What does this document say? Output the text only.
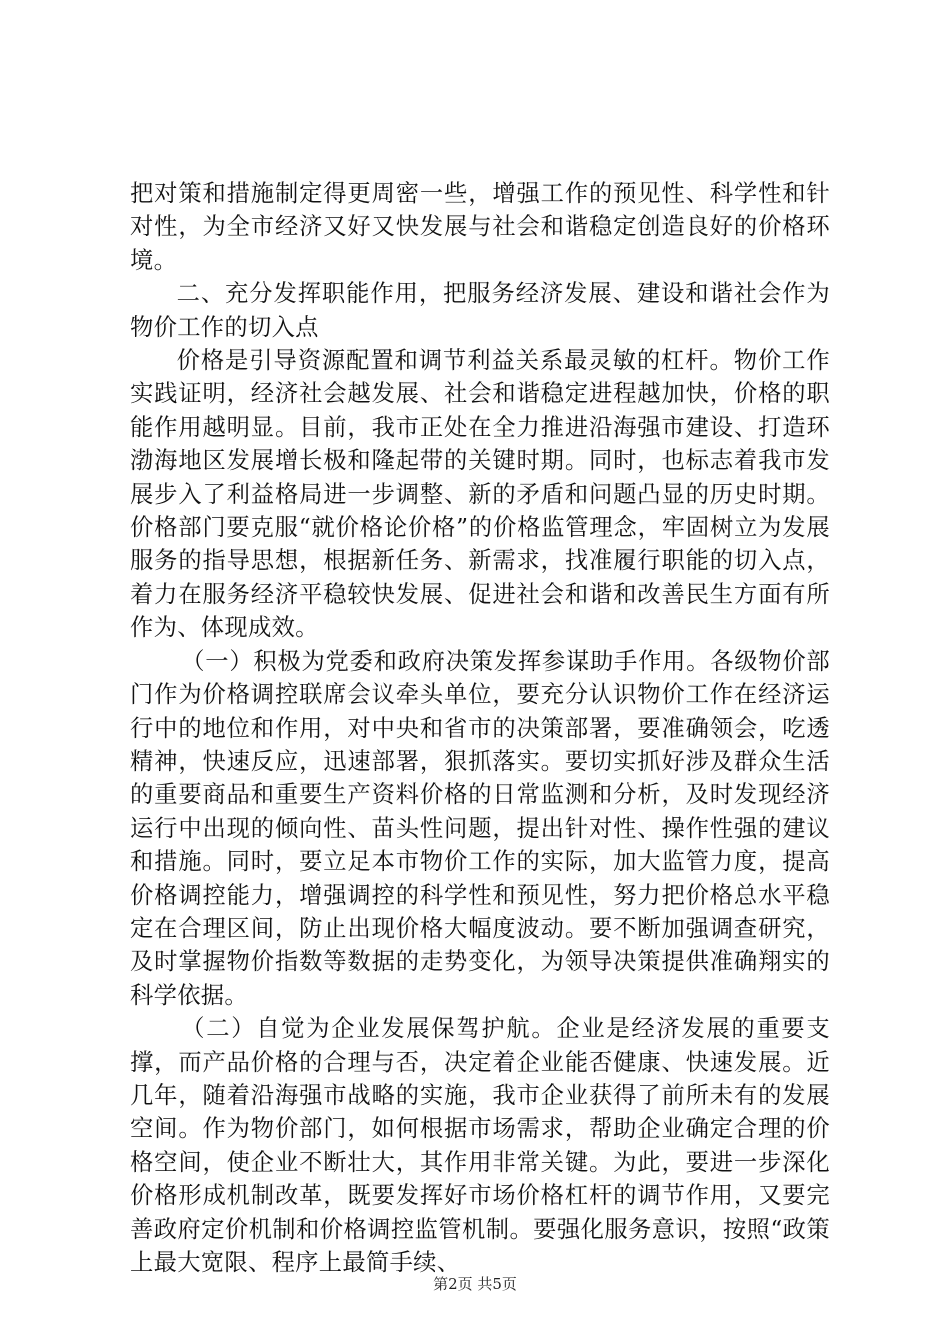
把对策和措施制定得更周密一些，增强工作的预见性、科学性和针对性，为全市经济又好又快发展与社会和谐稳定创造良好的价格环境。

二、充分发挥职能作用，把服务经济发展、建设和谐社会作为物价工作的切入点

价格是引导资源配置和调节利益关系最灵敏的杠杆。物价工作实践证明，经济社会越发展、社会和谐稳定进程越加快，价格的职能作用越明显。目前，我市正处在全力推进沿海强市建设、打造环渤海地区发展增长极和隆起带的关键时期。同时，也标志着我市发展步入了利益格局进一步调整、新的矛盾和问题凸显的历史时期。价格部门要克服“就价格论价格”的价格监管理念，牢固树立为发展服务的指导思想，根据新任务、新需求，找准履行职能的切入点，着力在服务经济平稳较快发展、促进社会和谐和改善民生方面有所作为、体现成效。

（一）积极为党委和政府决策发挥参谋助手作用。各级物价部门作为价格调控联席会议牵头单位，要充分认识物价工作在经济运行中的地位和作用，对中央和省市的决策部署，要准确领会，吃透精神，快速反应，迅速部署，狠抓落实。要切实抓好涉及群众生活的重要商品和重要生产资料价格的日常监测和分析，及时发现经济运行中出现的倾向性、苗头性问题，提出针对性、操作性强的建议和措施。同时，要立足本市物价工作的实际，加大监管力度，提高价格调控能力，增强调控的科学性和预见性，努力把价格总水平稳定在合理区间，防止出现价格大幅度波动。要不断加强调查研究，及时掌握物价指数等数据的走势变化，为领导决策提供准确翔实的科学依据。

（二）自觉为企业发展保驾护航。企业是经济发展的重要支撑，而产品价格的合理与否，决定着企业能否健康、快速发展。近几年，随着沿海强市战略的实施，我市企业获得了前所未有的发展空间。作为物价部门，如何根据市场需求，帮助企业确定合理的价格空间，使企业不断壮大，其作用非常关键。为此，要进一步深化价格形成机制改革，既要发挥好市场价格杠杆的调节作用，又要完善政府定价机制和价格调控监管机制。要强化服务意识，按照“政策上最大宽限、程序上最简手续、

第2页 共5页
